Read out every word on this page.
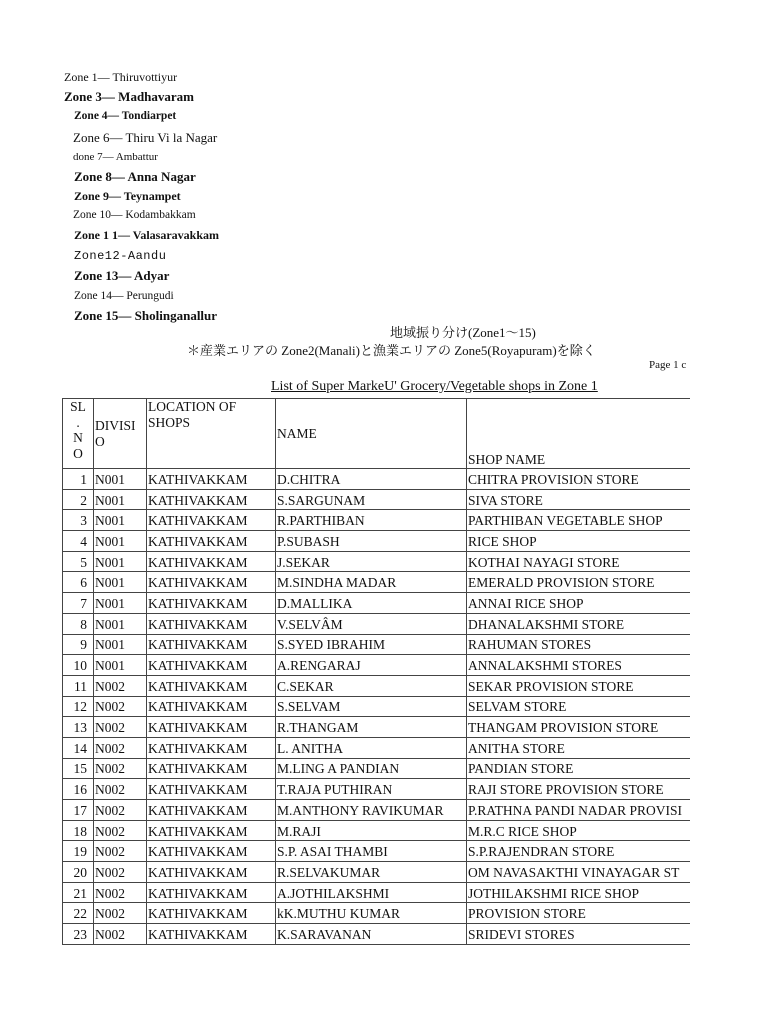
Zone 1— Thiruvottiyur
Zone 3— Madhavaram
Zone 4— Tondiarpet
Zone 6— Thiru Vi la Nagar
done 7— Ambattur
Zone 8— Anna Nagar
Zone 9— Teynampet
Zone 10— Kodambakkam
Zone 1 1— Valasaravakkam
Zone12-Aandu
Zone 13— Adyar
Zone 14— Perungudi
Zone 15— Sholinganallur
地域振り分け(Zone1～15)
＊産業エリアの Zone2(Manali)と漁業エリアの Zone5(Royapuram)を除く
Page 1 c
List of Super MarkeU' Grocery/Vegetable shops in Zone 1
SL
.
N
O	DIVISI
O	LOCATION OF
SHOPS	NAME	SHOP NAME
1	N001	KATHIVAKKAM	D.CHITRA	CHITRA PROVISION STORE
2	N001	KATHIVAKKAM	S.SARGUNAM	SIVA STORE
3	N001	KATHIVAKKAM	R.PARTHIBAN	PARTHIBAN VEGETABLE SHOP
4	N001	KATHIVAKKAM	P.SUBASH	RICE SHOP
5	N001	KATHIVAKKAM	J.SEKAR	KOTHAI NAYAGI STORE
6	N001	KATHIVAKKAM	M.SINDHA MADAR	EMERALD PROVISION STORE
7	N001	KATHIVAKKAM	D.MALLIKA	ANNAI RICE SHOP
8	N001	KATHIVAKKAM	V.SELVÂM	DHANALAKSHMI STORE
9	N001	KATHIVAKKAM	S.SYED IBRAHIM	RAHUMAN STORES
10	N001	KATHIVAKKAM	A.RENGARAJ	ANNALAKSHMI STORES
11	N002	KATHIVAKKAM	C.SEKAR	SEKAR PROVISION STORE
12	N002	KATHIVAKKAM	S.SELVAM	SELVAM STORE
13	N002	KATHIVAKKAM	R.THANGAM	THANGAM PROVISION STORE
14	N002	KATHIVAKKAM	L. ANITHA	ANITHA STORE
15	N002	KATHIVAKKAM	M.LING A PANDIAN	PANDIAN STORE
16	N002	KATHIVAKKAM	T.RAJA PUTHIRAN	RAJI STORE PROVISION STORE
17	N002	KATHIVAKKAM	M.ANTHONY RAVIKUMAR	P.RATHNA PANDI NADAR PROVISI
18	N002	KATHIVAKKAM	M.RAJI	M.R.C RICE SHOP
19	N002	KATHIVAKKAM	S.P. ASAI THAMBI	S.P.RAJENDRAN STORE
20	N002	KATHIVAKKAM	R.SELVAKUMAR	OM NAVASAKTHI VINAYAGAR ST
21	N002	KATHIVAKKAM	A.JOTHILAKSHMI	JOTHILAKSHMI RICE SHOP
22	N002	KATHIVAKKAM	kK.MUTHU KUMAR	PROVISION STORE
23	N002	KATHIVAKKAM	K.SARAVANAN	SRIDEVI STORES
